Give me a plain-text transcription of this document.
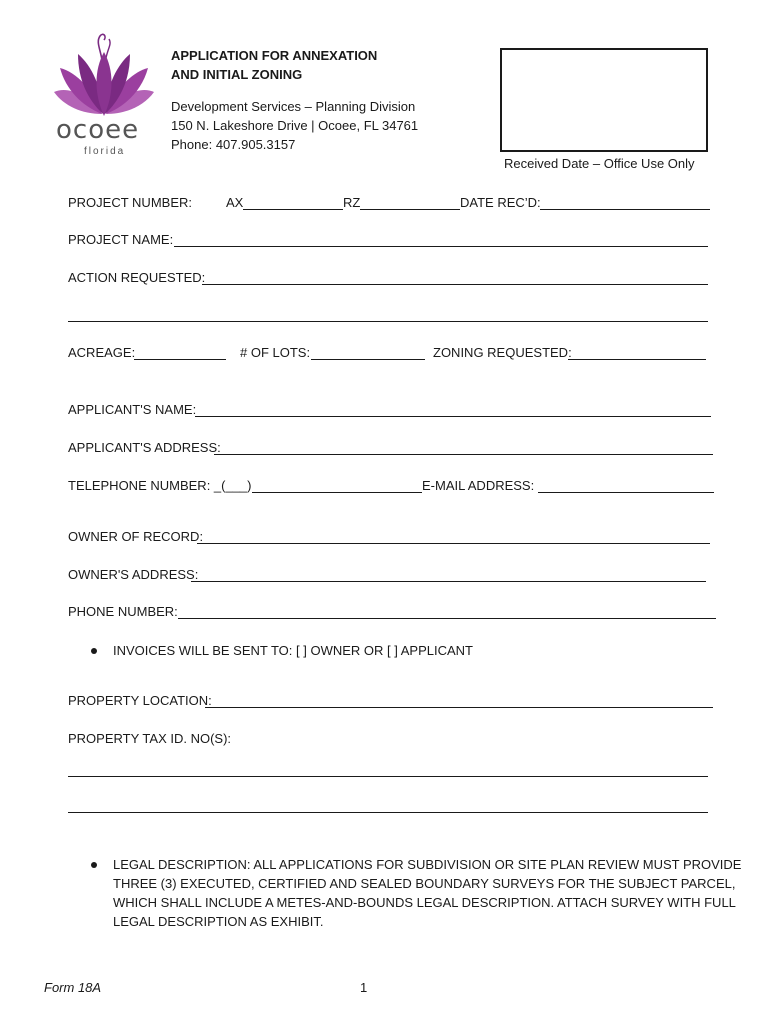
ocoee
florida
APPLICATION FOR ANNEXATION
AND INITIAL ZONING
Development Services – Planning Division
150 N. Lakeshore Drive | Ocoee, FL 34761
Phone: 407.905.3157
Received Date – Office Use Only
PROJECT NUMBER:	AX	RZ	DATE REC’D:
PROJECT NAME:
ACTION REQUESTED:
ACREAGE:	# OF LOTS:	ZONING REQUESTED:
APPLICANT'S NAME:
APPLICANT'S ADDRESS:
TELEPHONE NUMBER: _(___)	E-MAIL ADDRESS:
OWNER OF RECORD:
OWNER'S ADDRESS:
PHONE NUMBER:
INVOICES WILL BE SENT TO: [ ] OWNER OR [ ] APPLICANT
PROPERTY LOCATION:
PROPERTY TAX ID. NO(S):
LEGAL DESCRIPTION: ALL APPLICATIONS FOR SUBDIVISION OR SITE PLAN REVIEW MUST PROVIDE
THREE (3) EXECUTED, CERTIFIED AND SEALED BOUNDARY SURVEYS FOR THE SUBJECT PARCEL,
WHICH SHALL INCLUDE A METES-AND-BOUNDS LEGAL DESCRIPTION. ATTACH SURVEY WITH FULL
LEGAL DESCRIPTION AS EXHIBIT.
Form 18A	1
